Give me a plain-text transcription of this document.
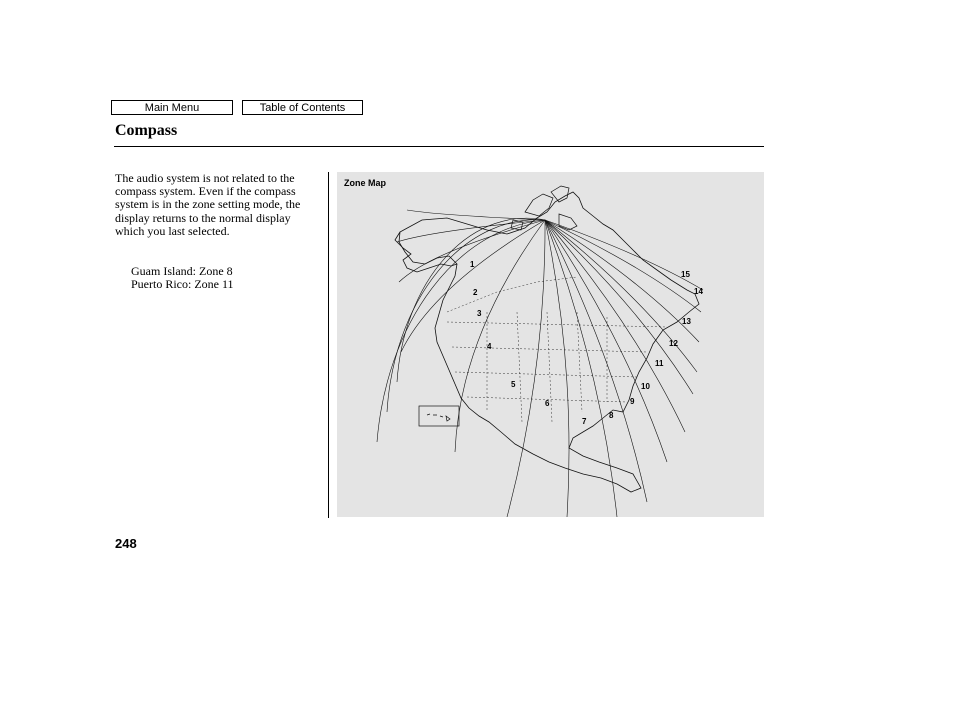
Main Menu	Table of Contents
Compass
The audio system is not related to the compass system. Even if the compass system is in the zone setting mode, the display returns to the normal display which you last selected.
Guam Island: Zone 8
Puerto Rico: Zone 11
Zone Map
1
2
3
4
5
6
7
8
9
10
11
12
13
14
15
248
